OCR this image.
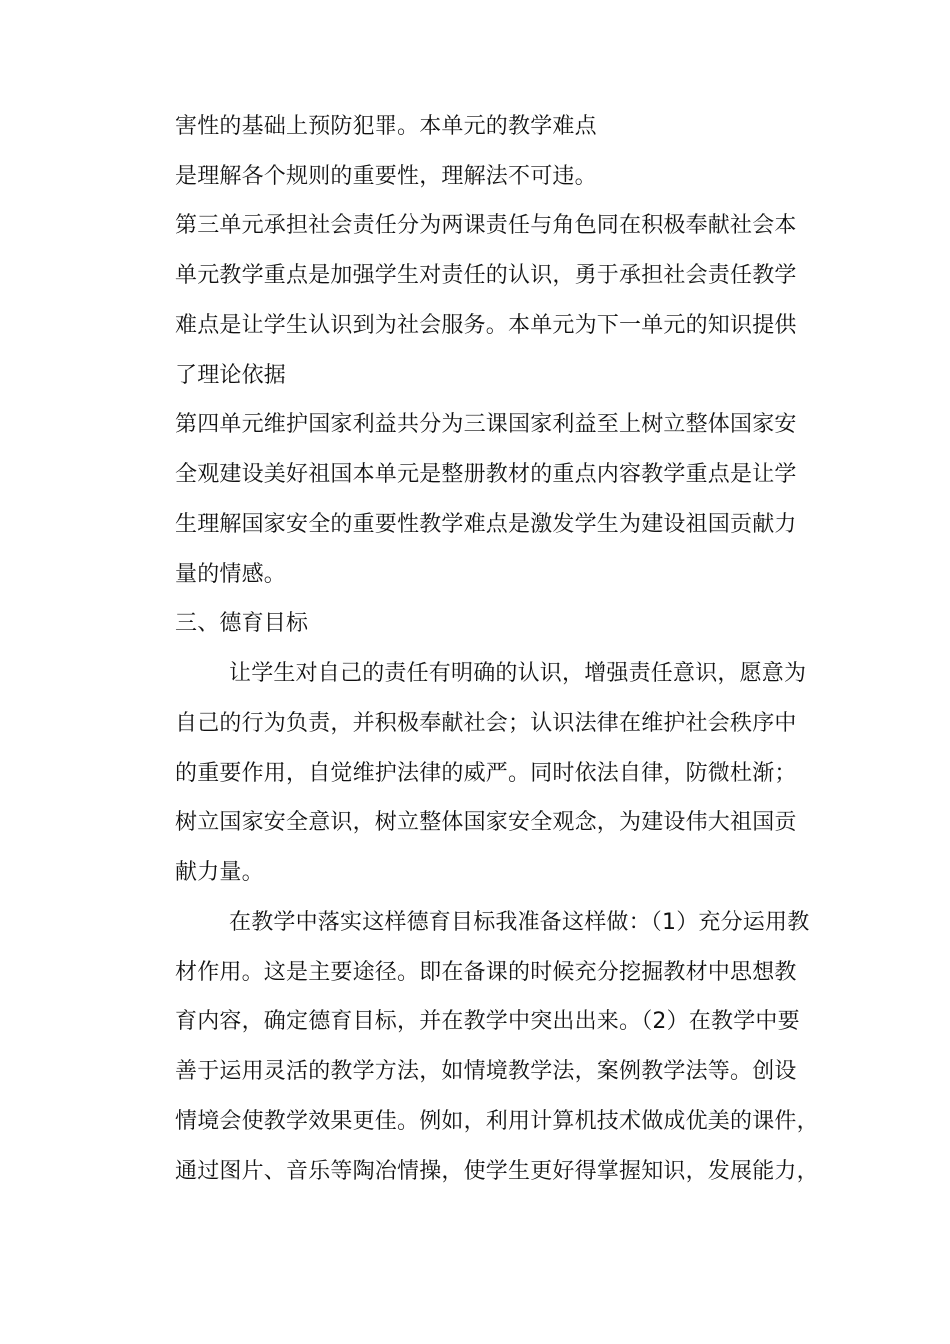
害性的基础上预防犯罪。本单元的教学难点
是理解各个规则的重要性，理解法不可违。
第三单元承担社会责任分为两课责任与角色同在积极奉献社会本
单元教学重点是加强学生对责任的认识，勇于承担社会责任教学
难点是让学生认识到为社会服务。本单元为下一单元的知识提供
了理论依据
第四单元维护国家利益共分为三课国家利益至上树立整体国家安
全观建设美好祖国本单元是整册教材的重点内容教学重点是让学
生理解国家安全的重要性教学难点是激发学生为建设祖国贡献力
量的情感。
三、德育目标
让学生对自己的责任有明确的认识，增强责任意识，愿意为
自己的行为负责，并积极奉献社会；认识法律在维护社会秩序中
的重要作用，自觉维护法律的威严。同时依法自律，防微杜渐；
树立国家安全意识，树立整体国家安全观念，为建设伟大祖国贡
献力量。
在教学中落实这样德育目标我准备这样做：（1）充分运用教
材作用。这是主要途径。即在备课的时候充分挖掘教材中思想教
育内容，确定德育目标，并在教学中突出出来。（2）在教学中要
善于运用灵活的教学方法，如情境教学法，案例教学法等。创设
情境会使教学效果更佳。例如，利用计算机技术做成优美的课件，
通过图片、音乐等陶冶情操，使学生更好得掌握知识，发展能力，
